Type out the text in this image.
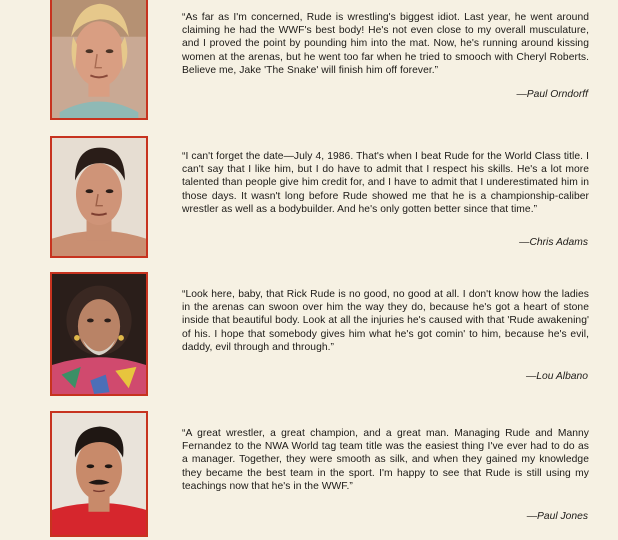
“As far as I'm concerned, Rude is wrestling's biggest idiot. Last year, he went around claiming he had the WWF's best body! He's not even close to my overall musculature, and I proved the point by pounding him into the mat. Now, he's running around kissing women at the arenas, but he went too far when he tried to smooch with Cheryl Roberts. Believe me, Jake 'The Snake' will finish him off forever.”

—Paul Orndorff

“I can't forget the date—July 4, 1986. That's when I beat Rude for the World Class title. I can't say that I like him, but I do have to admit that I respect his skills. He's a lot more talented than people give him credit for, and I have to admit that I underestimated him in those days. It wasn't long before Rude showed me that he is a championship-caliber wrestler as well as a bodybuilder. And he's only gotten better since that time.”

—Chris Adams

“Look here, baby, that Rick Rude is no good, no good at all. I don't know how the ladies in the arenas can swoon over him the way they do, because he's got a heart of stone inside that beautiful body. Look at all the injuries he's caused with that 'Rude awakening' of his. I hope that somebody gives him what he's got comin' to him, because he's evil, daddy, evil through and through.”

—Lou Albano

“A great wrestler, a great champion, and a great man. Managing Rude and Manny Fernandez to the NWA World tag team title was the easiest thing I've ever had to do as a manager. Together, they were smooth as silk, and when they gained my knowledge they became the best team in the sport. I'm happy to see that Rude is still using my teachings now that he's in the WWF.”

—Paul Jones
